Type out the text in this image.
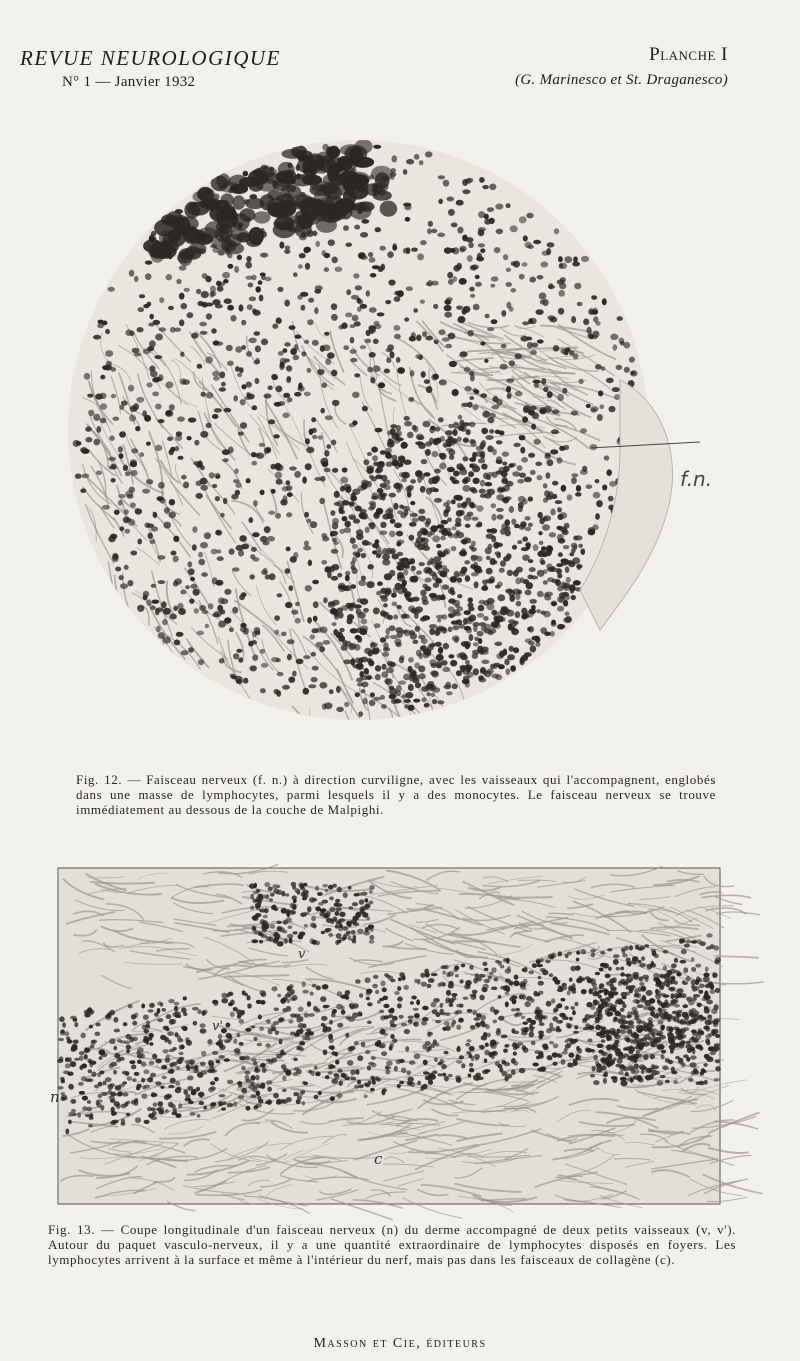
REVUE NEUROLOGIQUE
N° 1 — Janvier 1932
Planche I
(G. Marinesco et St. Draganesco)
f.n.
Fig. 12. — Faisceau nerveux (f. n.) à direction curviligne, avec les vaisseaux qui l'accompagnent, englobés dans une masse de lymphocytes, parmi lesquels il y a des monocytes. Le faisceau nerveux se trouve immédiatement au dessous de la couche de Malpighi.
n
c
v
v'
Fig. 13. — Coupe longitudinale d'un faisceau nerveux (n) du derme accompagné de deux petits vaisseaux (v, v'). Autour du paquet vasculo-nerveux, il y a une quantité extraordinaire de lymphocytes disposés en foyers. Les lymphocytes arrivent à la surface et même à l'intérieur du nerf, mais pas dans les faisceaux de collagène (c).
Masson et Cie, éditeurs
